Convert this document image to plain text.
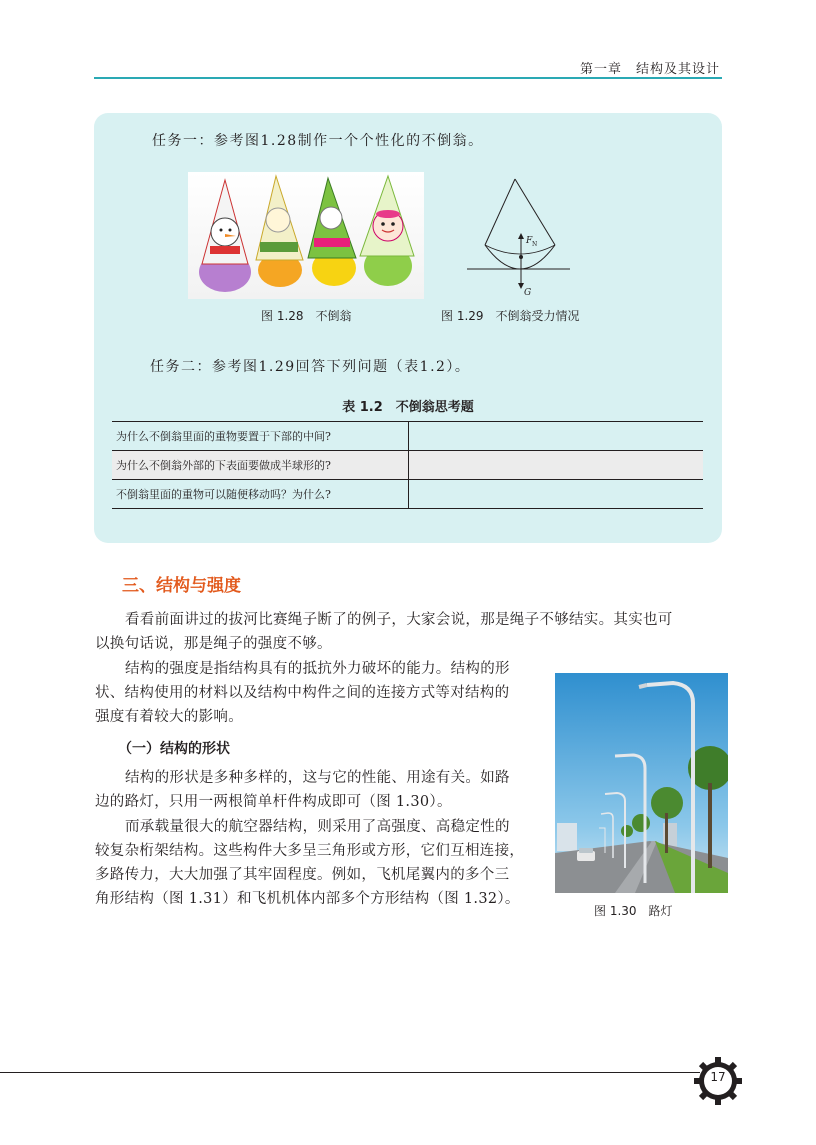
第一章　结构及其设计
任务一：参考图1.28制作一个个性化的不倒翁。
图 1.28　不倒翁
F N
G
图 1.29　不倒翁受力情况
任务二：参考图1.29回答下列问题（表1.2）。
表 1.2　不倒翁思考题
为什么不倒翁里面的重物要置于下部的中间?	
为什么不倒翁外部的下表面要做成半球形的?	
不倒翁里面的重物可以随便移动吗？为什么?	
三、结构与强度
看看前面讲过的拔河比赛绳子断了的例子，大家会说，那是绳子不够结实。其实也可
以换句话说，那是绳子的强度不够。
结构的强度是指结构具有的抵抗外力破坏的能力。结构的形
状、结构使用的材料以及结构中构件之间的连接方式等对结构的
强度有着较大的影响。
（一）结构的形状
结构的形状是多种多样的，这与它的性能、用途有关。如路
边的路灯，只用一两根简单杆件构成即可（图 1.30）。
而承载量很大的航空器结构，则采用了高强度、高稳定性的
较复杂桁架结构。这些构件大多呈三角形或方形，它们互相连接，
多路传力，大大加强了其牢固程度。例如，飞机尾翼内的多个三
角形结构（图 1.31）和飞机机体内部多个方形结构（图 1.32）。
图 1.30　路灯
17
